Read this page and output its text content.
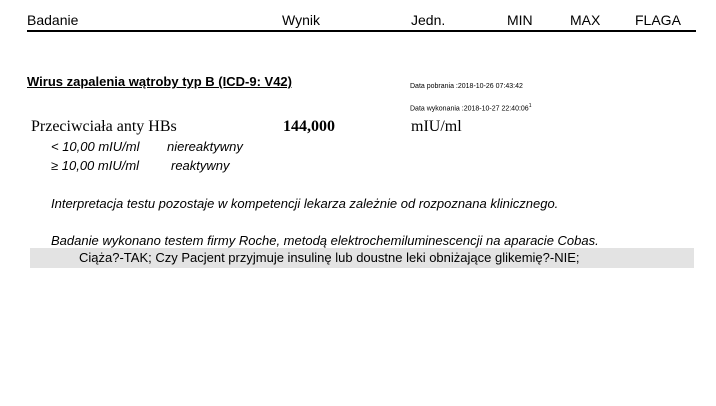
Badanie	Wynik	Jedn.	MIN	MAX FLAGA
Wirus zapalenia wątroby typ B (ICD-9: V42)	Data pobrania :2018-10-26 07:43:42
Data wykonania :2018-10-27 $22:40:06^1$
Przeciwciała anty HBs	144,000	mIU/ml
< 10,00 mIU/ml niereaktywny
≥ 10,00 mIU/ml reaktywny
Interpretacja testu pozostaje w kompetencji lekarza zależnie od rozpoznana klinicznego.
Badanie wykonano testem firmy Roche, metodą elektrochemiluminescencji na aparacie Cobas.
Ciąża?-TAK; Czy Pacjent przyjmuje insulinę lub doustne leki obniżające glikemię?-NIE;
